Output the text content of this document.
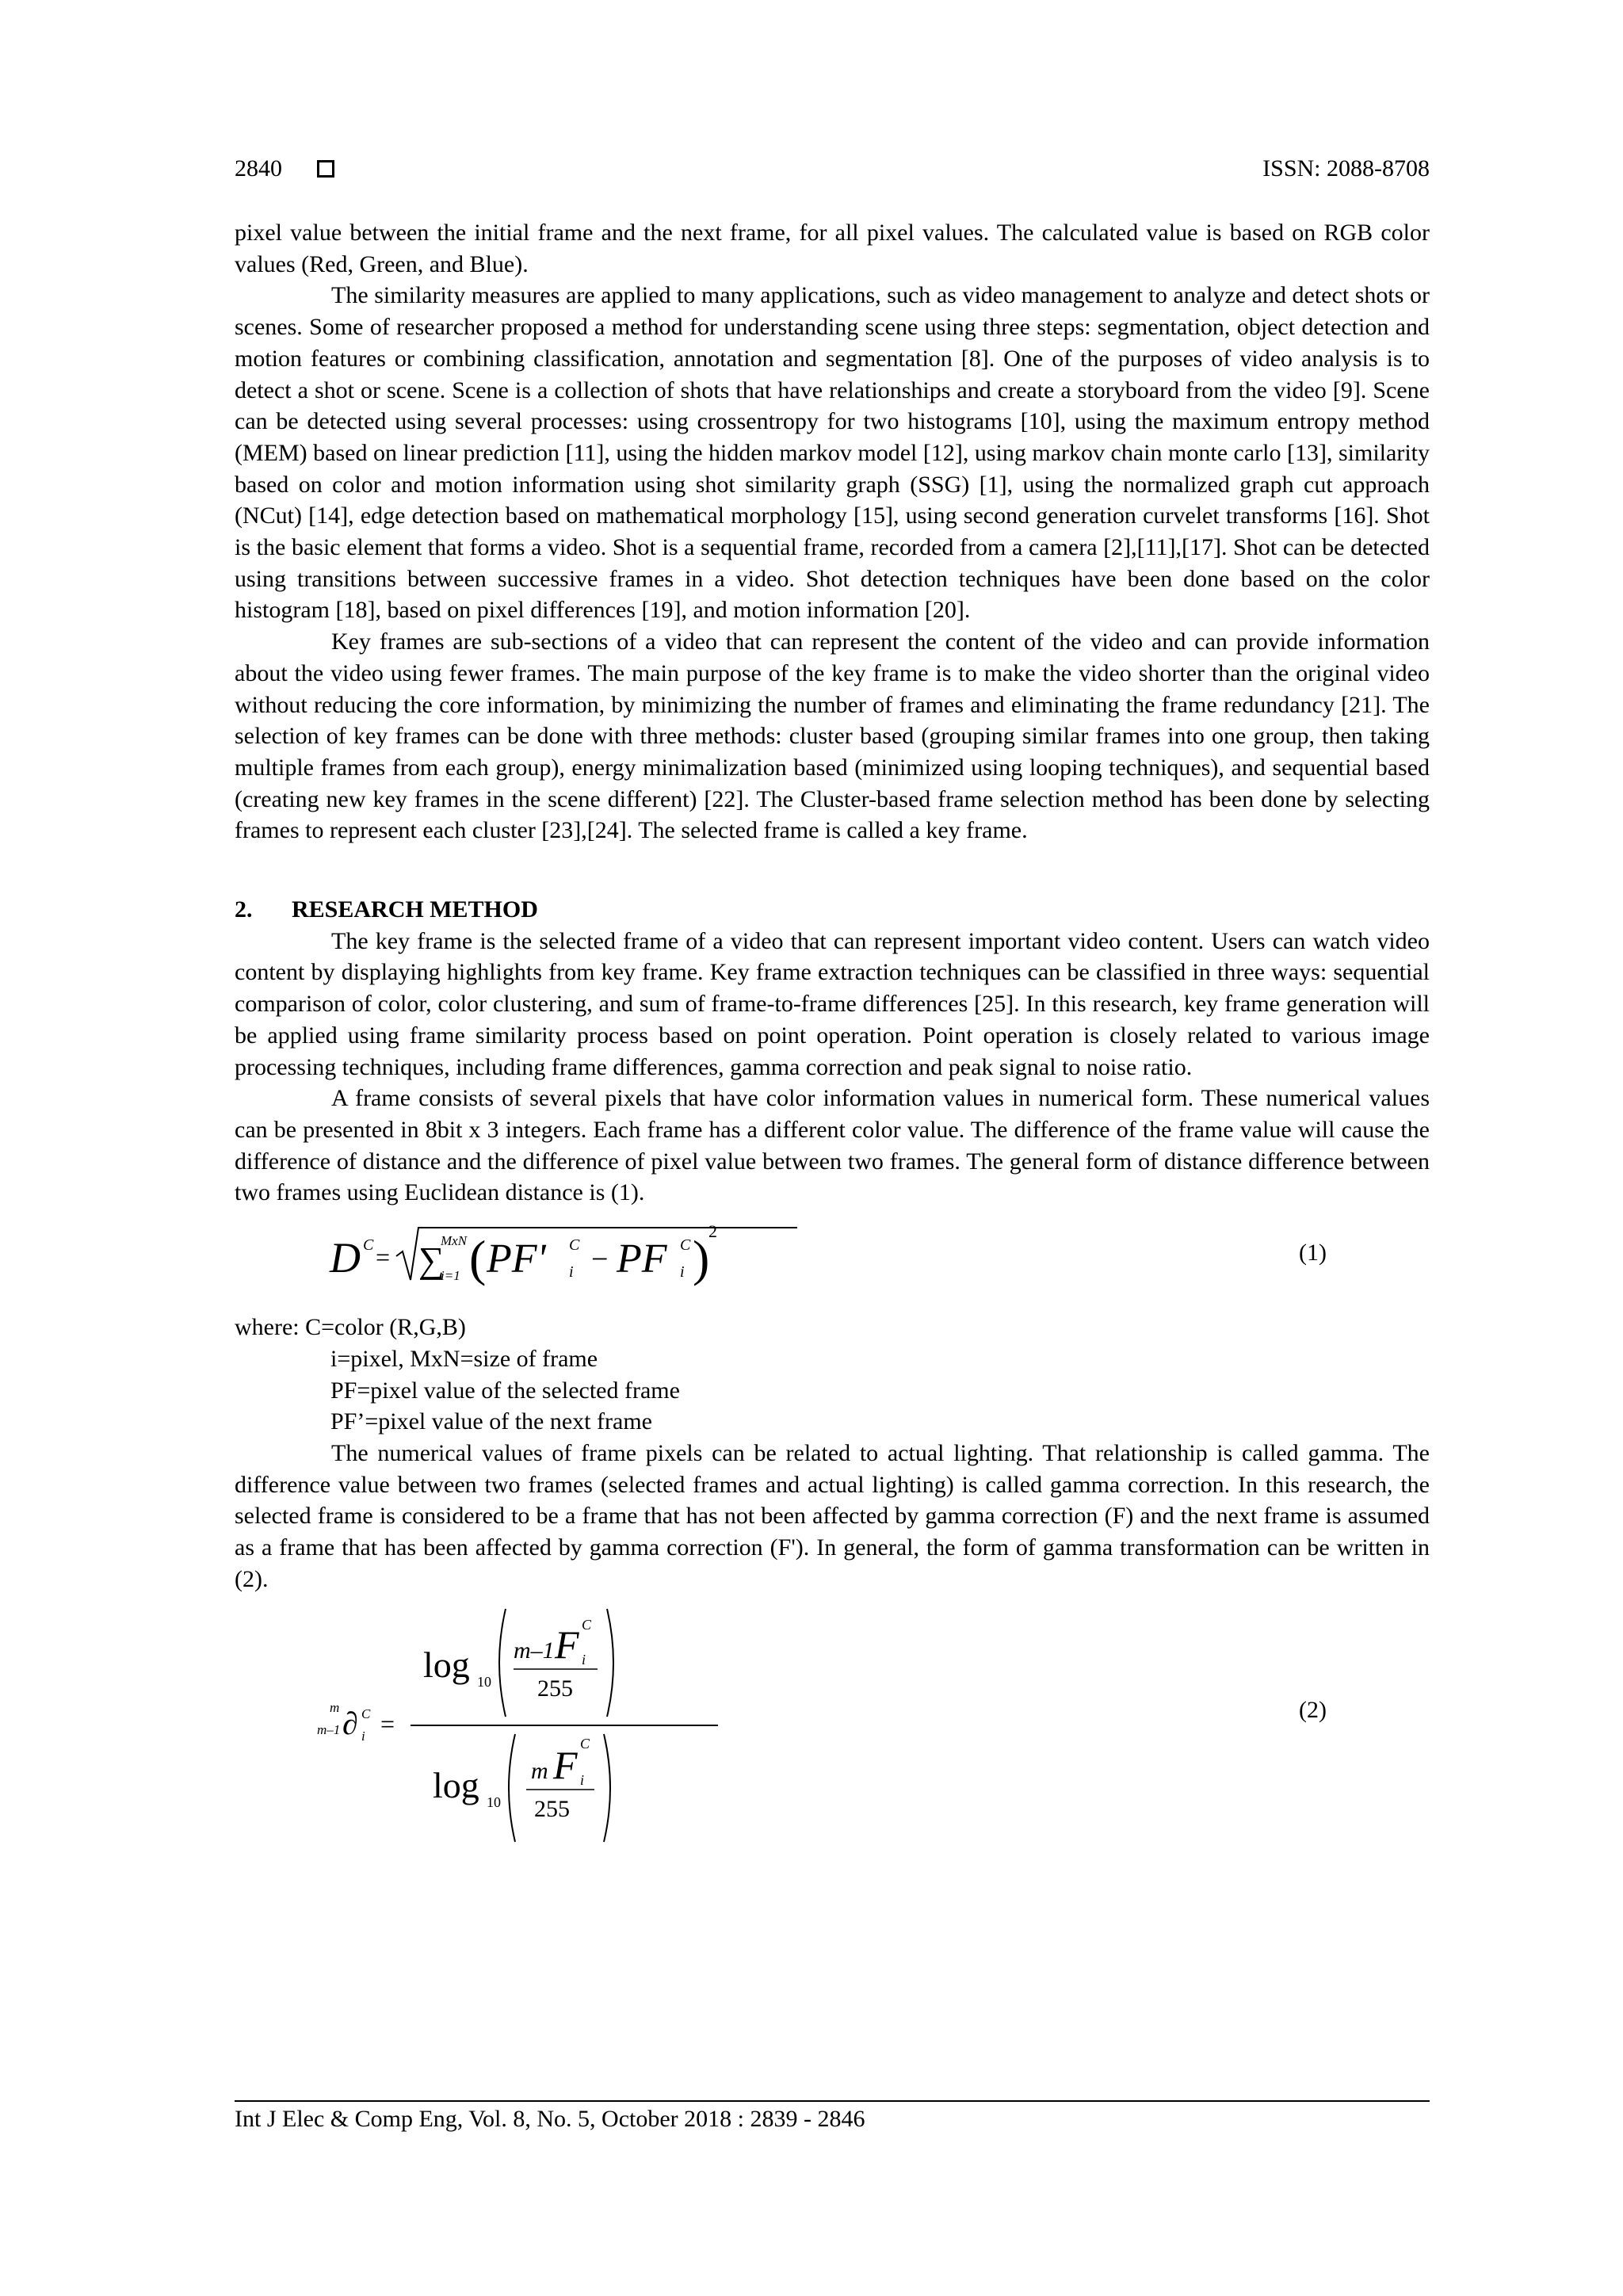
2840	ISSN: 2088-8708

pixel value between the initial frame and the next frame, for all pixel values. The calculated value is based on RGB color values (Red, Green, and Blue).

The similarity measures are applied to many applications, such as video management to analyze and detect shots or scenes. Some of researcher proposed a method for understanding scene using three steps: segmentation, object detection and motion features or combining classification, annotation and segmentation [8]. One of the purposes of video analysis is to detect a shot or scene. Scene is a collection of shots that have relationships and create a storyboard from the video [9]. Scene can be detected using several processes: using crossentropy for two histograms [10], using the maximum entropy method (MEM) based on linear prediction [11], using the hidden markov model [12], using markov chain monte carlo [13], similarity based on color and motion information using shot similarity graph (SSG) [1], using the normalized graph cut approach (NCut) [14], edge detection based on mathematical morphology [15], using second generation curvelet transforms [16]. Shot is the basic element that forms a video. Shot is a sequential frame, recorded from a camera [2],[11],[17]. Shot can be detected using transitions between successive frames in a video. Shot detection techniques have been done based on the color histogram [18], based on pixel differences [19], and motion information [20].

Key frames are sub-sections of a video that can represent the content of the video and can provide information about the video using fewer frames. The main purpose of the key frame is to make the video shorter than the original video without reducing the core information, by minimizing the number of frames and eliminating the frame redundancy [21]. The selection of key frames can be done with three methods: cluster based (grouping similar frames into one group, then taking multiple frames from each group), energy minimalization based (minimized using looping techniques), and sequential based (creating new key frames in the scene different) [22]. The Cluster-based frame selection method has been done by selecting frames to represent each cluster [23],[24]. The selected frame is called a key frame.

2.	RESEARCH METHOD

The key frame is the selected frame of a video that can represent important video content. Users can watch video content by displaying highlights from key frame. Key frame extraction techniques can be classified in three ways: sequential comparison of color, color clustering, and sum of frame-to-frame differences [25]. In this research, key frame generation will be applied using frame similarity process based on point operation. Point operation is closely related to various image processing techniques, including frame differences, gamma correction and peak signal to noise ratio.

A frame consists of several pixels that have color information values in numerical form. These numerical values can be presented in 8bit x 3 integers. Each frame has a different color value. The difference of the frame value will cause the difference of distance and the difference of pixel value between two frames. The general form of distance difference between two frames using Euclidean distance is (1).

D C = ∑
MxN
i=1 ( PF' C
i − PF C
i )
2
(1)
where: C=color (R,G,B)
i=pixel, MxN=size of frame
PF=pixel value of the selected frame
PF’=pixel value of the next frame

The numerical values of frame pixels can be related to actual lighting. That relationship is called gamma. The difference value between two frames (selected frames and actual lighting) is called gamma correction. In this research, the selected frame is considered to be a frame that has not been affected by gamma correction (F) and the next frame is assumed as a frame that has been affected by gamma correction (F'). In general, the form of gamma transformation can be written in (2).

m
m–1 ∂ C
i =
log 10
m–1 F C
i
255
log 10
m F C
i
255
(2)
Int J Elec & Comp Eng, Vol. 8, No. 5, October 2018 : 2839 - 2846
